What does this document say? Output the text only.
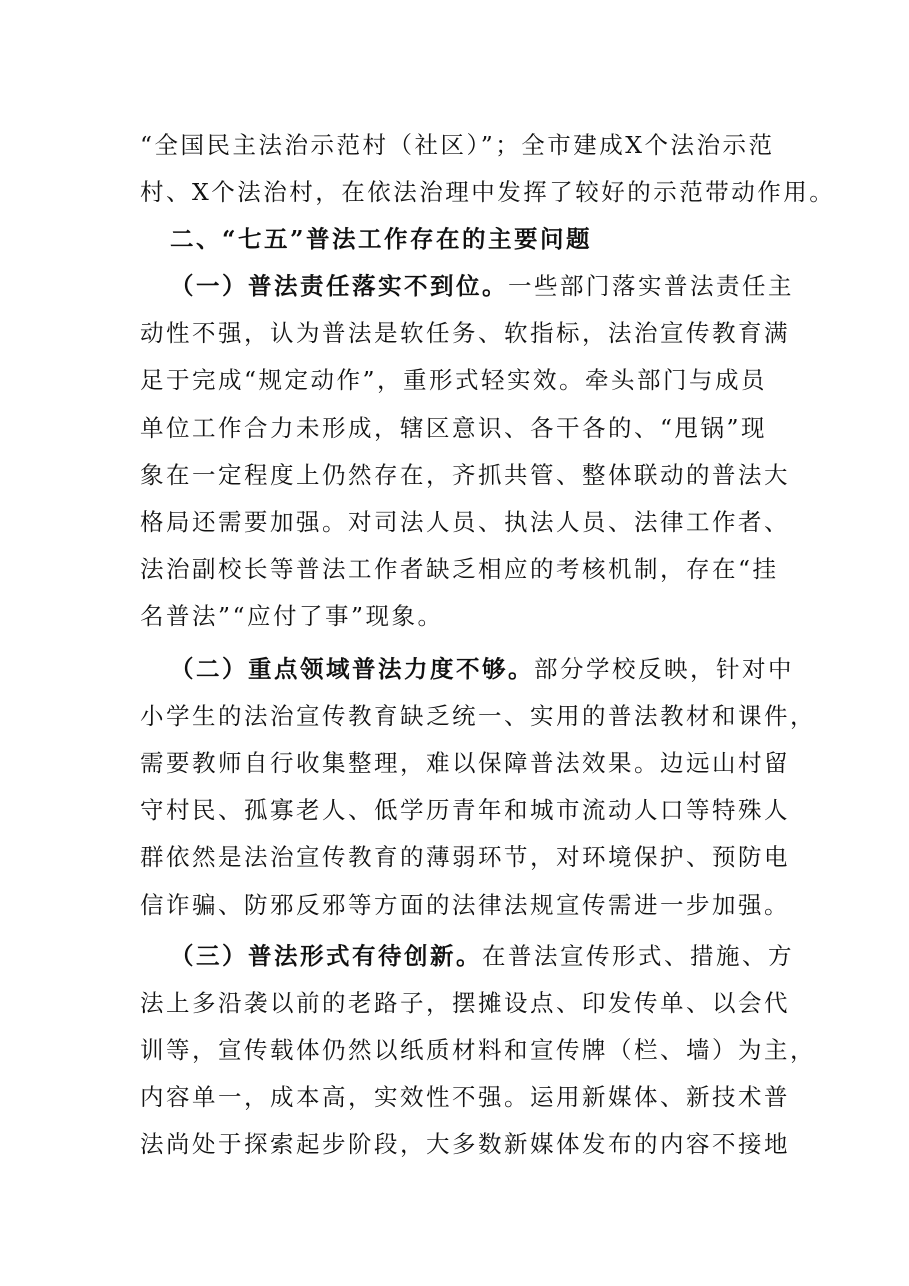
“全国民主法治示范村（社区）”；全市建成X个法治示范
村、X个法治村，在依法治理中发挥了较好的示范带动作用。
二、“七五”普法工作存在的主要问题
（一）普法责任落实不到位。一些部门落实普法责任主
动性不强，认为普法是软任务、软指标，法治宣传教育满
足于完成“规定动作”，重形式轻实效。牵头部门与成员
单位工作合力未形成，辖区意识、各干各的、“甩锅”现
象在一定程度上仍然存在，齐抓共管、整体联动的普法大
格局还需要加强。对司法人员、执法人员、法律工作者、
法治副校长等普法工作者缺乏相应的考核机制，存在“挂
名普法”“应付了事”现象。
（二）重点领域普法力度不够。部分学校反映，针对中
小学生的法治宣传教育缺乏统一、实用的普法教材和课件，
需要教师自行收集整理，难以保障普法效果。边远山村留
守村民、孤寡老人、低学历青年和城市流动人口等特殊人
群依然是法治宣传教育的薄弱环节，对环境保护、预防电
信诈骗、防邪反邪等方面的法律法规宣传需进一步加强。
（三）普法形式有待创新。在普法宣传形式、措施、方
法上多沿袭以前的老路子，摆摊设点、印发传单、以会代
训等，宣传载体仍然以纸质材料和宣传牌（栏、墙）为主，
内容单一，成本高，实效性不强。运用新媒体、新技术普
法尚处于探索起步阶段，大多数新媒体发布的内容不接地
